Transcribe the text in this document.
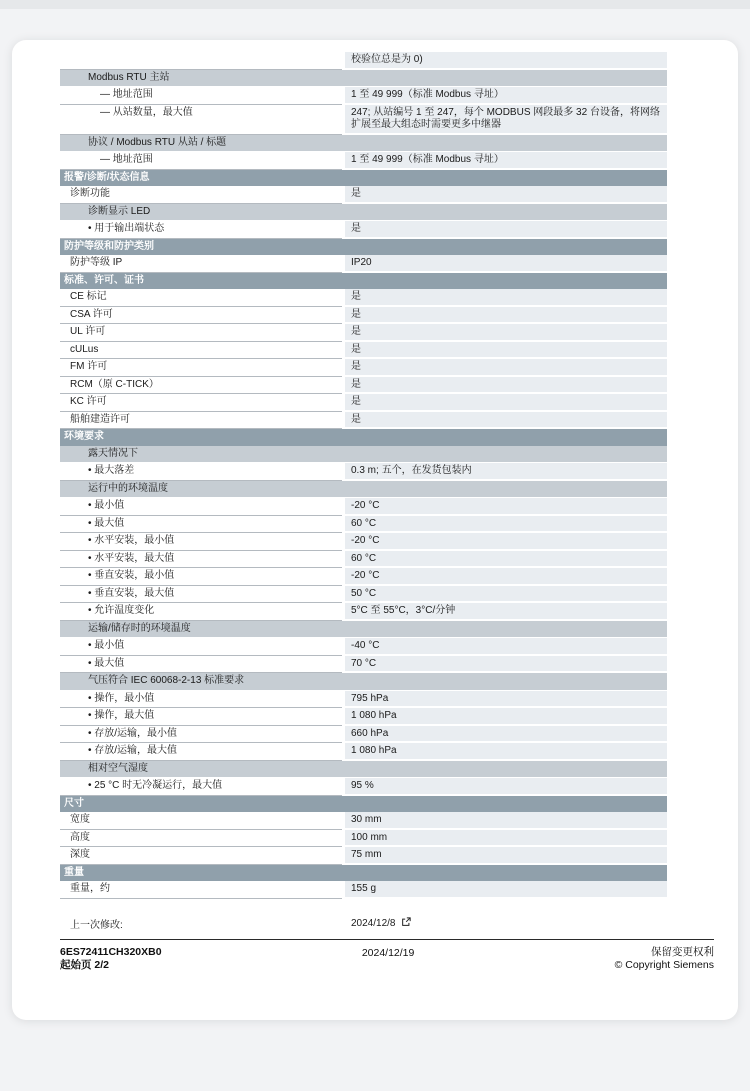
	校验位总是为 0)
Modbus RTU 主站	
— 地址范围	1 至 49 999（标准 Modbus 寻址）
— 从站数量，最大值	247; 从站编号 1 至 247，每个 MODBUS 网段最多 32 台设备，将网络扩展至最大组态时需要更多中继器
协议 / Modbus RTU 从站 / 标题	
— 地址范围	1 至 49 999（标准 Modbus 寻址）
报警/诊断/状态信息	
诊断功能	是
诊断显示 LED	
• 用于输出端状态	是
防护等级和防护类别	
防护等级 IP	IP20
标准、许可、证书	
CE 标记	是
CSA 许可	是
UL 许可	是
cULus	是
FM 许可	是
RCM（原 C-TICK）	是
KC 许可	是
船舶建造许可	是
环境要求	
露天情况下	
• 最大落差	0.3 m; 五个，在发货包装内
运行中的环境温度	
• 最小值	-20 °C
• 最大值	60 °C
• 水平安装，最小值	-20 °C
• 水平安装，最大值	60 °C
• 垂直安装，最小值	-20 °C
• 垂直安装，最大值	50 °C
• 允许温度变化	5°C 至 55°C，3°C/分钟
运输/储存时的环境温度	
• 最小值	-40 °C
• 最大值	70 °C
气压符合 IEC 60068-2-13 标准要求	
• 操作，最小值	795 hPa
• 操作，最大值	1 080 hPa
• 存放/运输，最小值	660 hPa
• 存放/运输，最大值	1 080 hPa
相对空气湿度	
• 25 °C 时无冷凝运行，最大值	95 %
尺寸	
宽度	30 mm
高度	100 mm
深度	75 mm
重量	
重量，约	155 g
上一次修改:	2024/12/8
6ES72411CH320XB0
起始页 2/2
2024/12/19	保留变更权利
© Copyright Siemens
